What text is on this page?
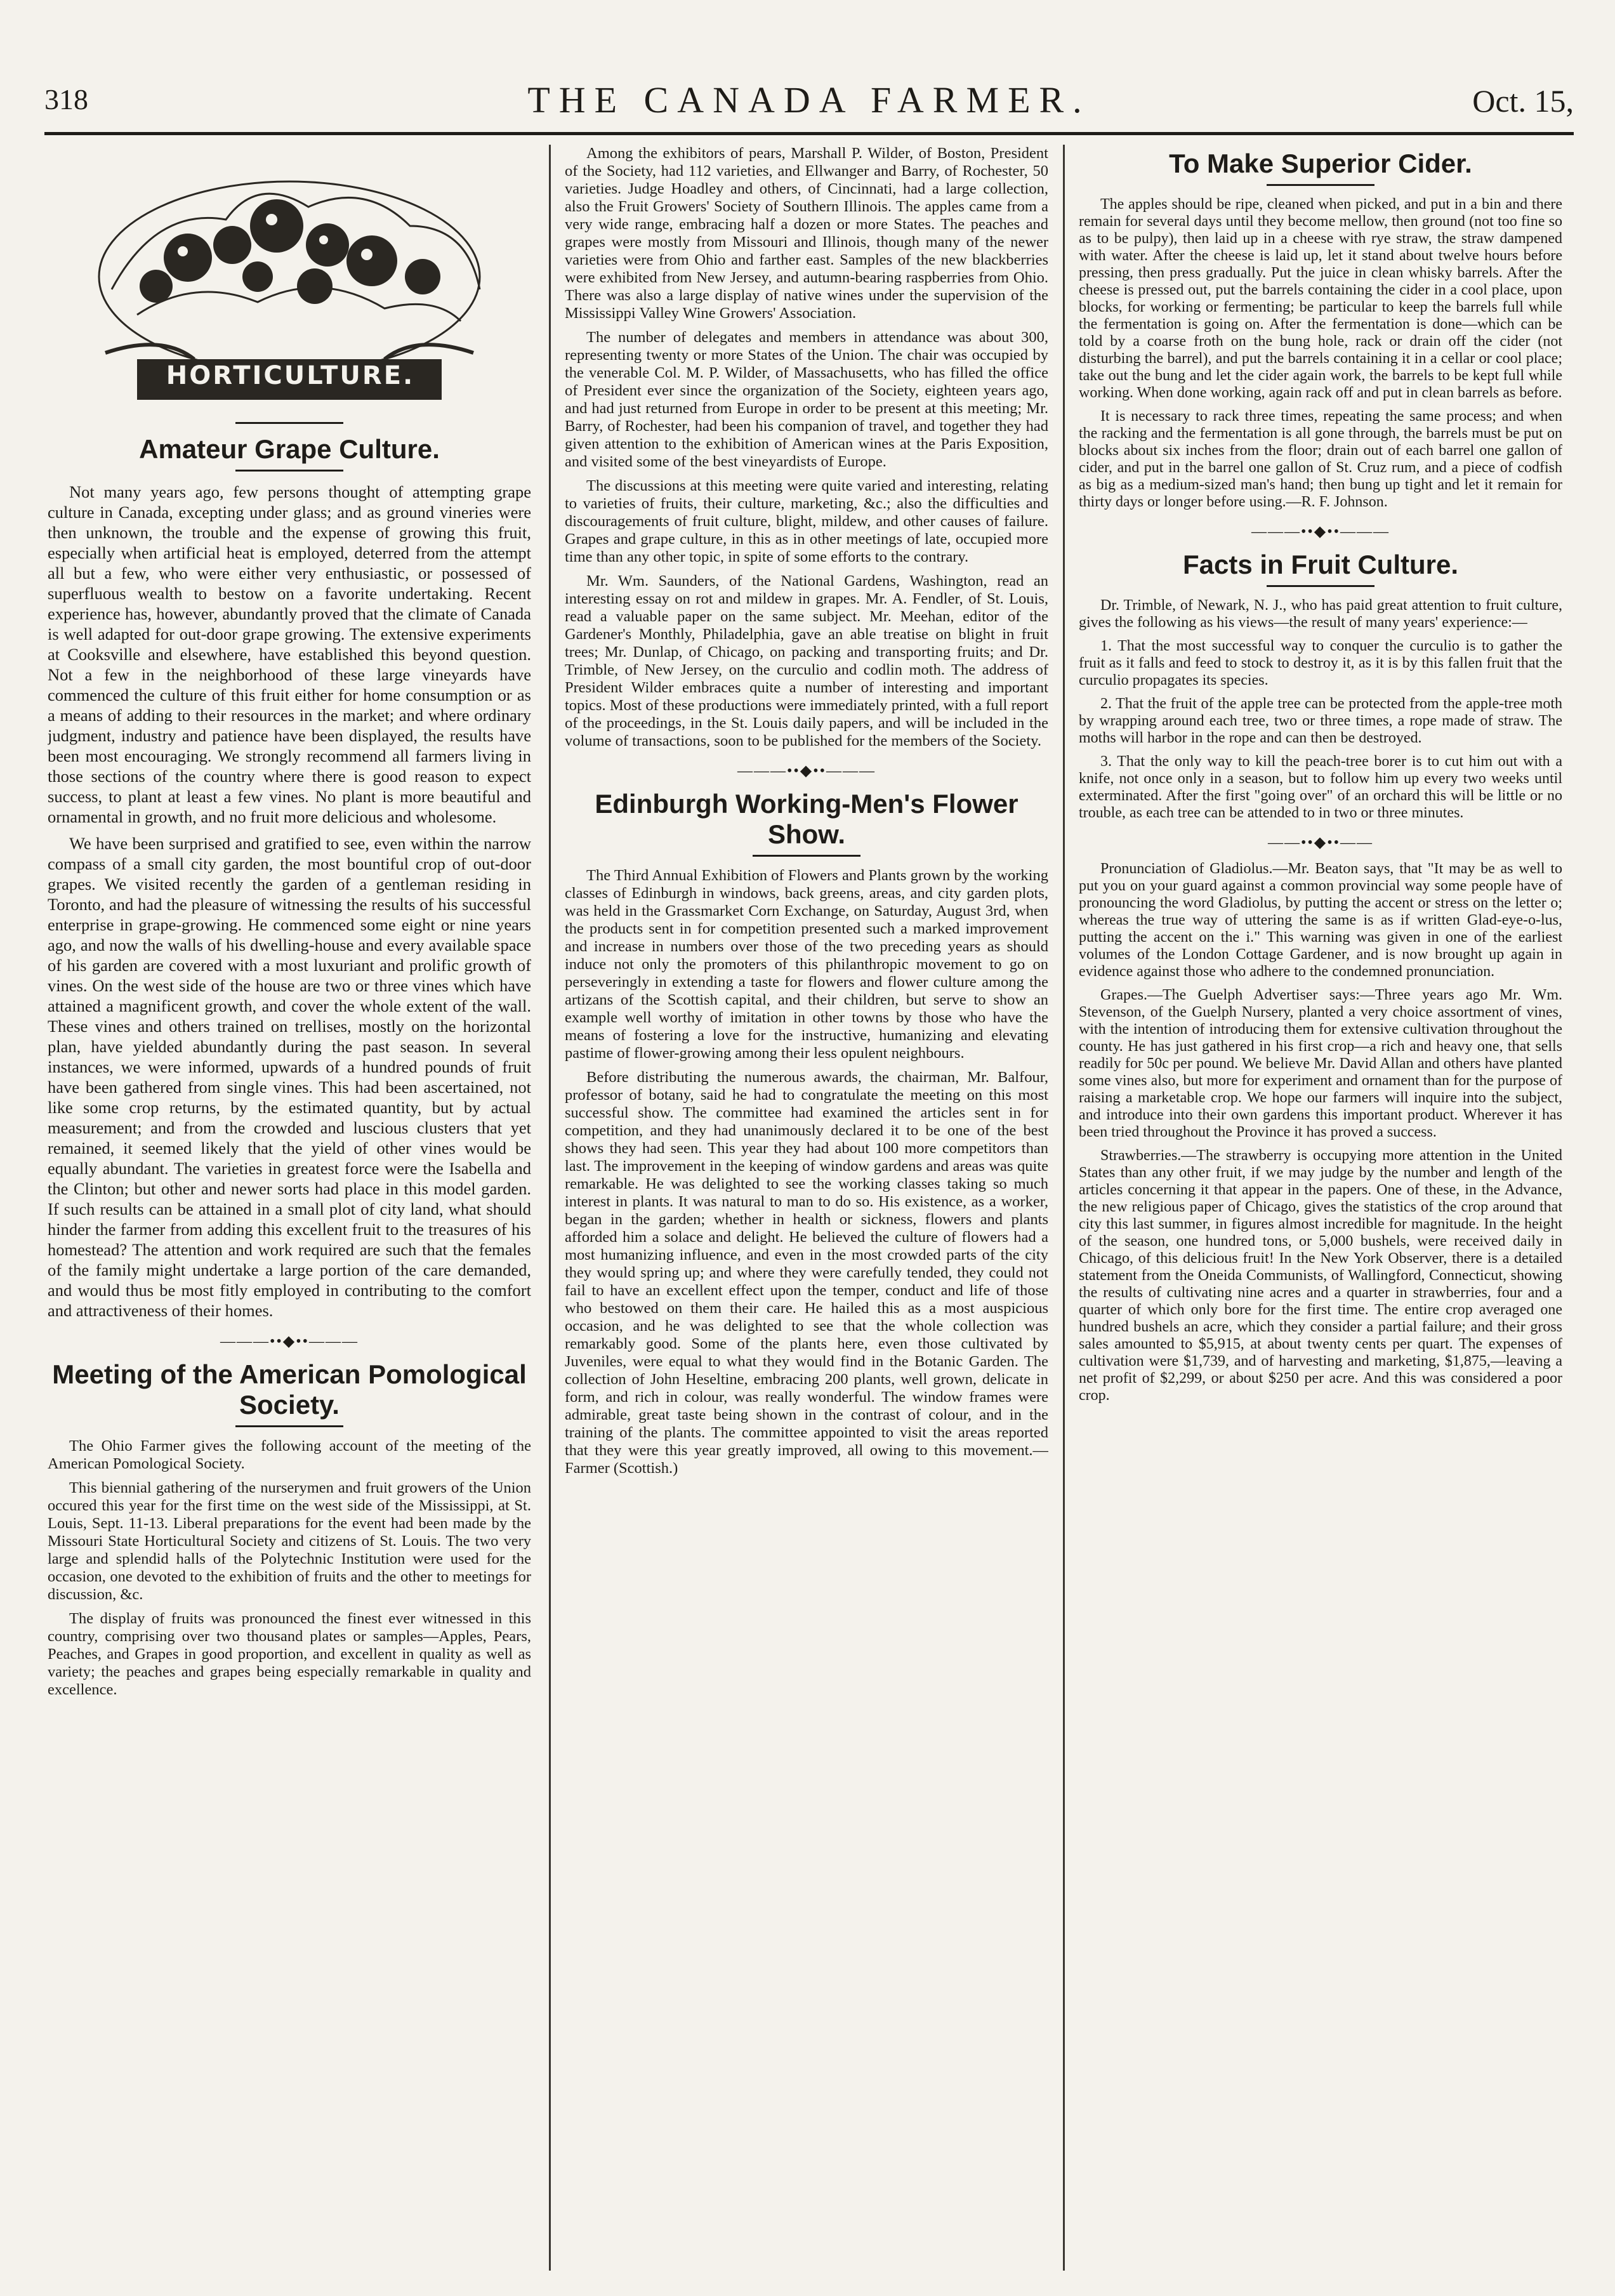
318	THE CANADA FARMER.	Oct. 15,
HORTICULTURE.
Amateur Grape Culture.

Not many years ago, few persons thought of attempting grape culture in Canada, excepting under glass; and as ground vineries were then unknown, the trouble and the expense of growing this fruit, especially when artificial heat is employed, deterred from the attempt all but a few, who were either very enthusiastic, or possessed of superfluous wealth to bestow on a favorite undertaking. Recent experience has, however, abundantly proved that the climate of Canada is well adapted for out-door grape growing. The extensive experiments at Cooksville and elsewhere, have established this beyond question. Not a few in the neighborhood of these large vineyards have commenced the culture of this fruit either for home consumption or as a means of adding to their resources in the market; and where ordinary judgment, industry and patience have been displayed, the results have been most encouraging. We strongly recommend all farmers living in those sections of the country where there is good reason to expect success, to plant at least a few vines. No plant is more beautiful and ornamental in growth, and no fruit more delicious and wholesome.

We have been surprised and gratified to see, even within the narrow compass of a small city garden, the most bountiful crop of out-door grapes. We visited recently the garden of a gentleman residing in Toronto, and had the pleasure of witnessing the results of his successful enterprise in grape-growing. He commenced some eight or nine years ago, and now the walls of his dwelling-house and every available space of his garden are covered with a most luxuriant and prolific growth of vines. On the west side of the house are two or three vines which have attained a magnificent growth, and cover the whole extent of the wall. These vines and others trained on trellises, mostly on the horizontal plan, have yielded abundantly during the past season. In several instances, we were informed, upwards of a hundred pounds of fruit have been gathered from single vines. This had been ascertained, not like some crop returns, by the estimated quantity, but by actual measurement; and from the crowded and luscious clusters that yet remained, it seemed likely that the yield of other vines would be equally abundant. The varieties in greatest force were the Isabella and the Clinton; but other and newer sorts had place in this model garden. If such results can be attained in a small plot of city land, what should hinder the farmer from adding this excellent fruit to the treasures of his homestead? The attention and work required are such that the females of the family might undertake a large portion of the care demanded, and would thus be most fitly employed in contributing to the comfort and attractiveness of their homes.

———••◆••———
Meeting of the American Pomological Society.

The Ohio Farmer gives the following account of the meeting of the American Pomological Society.

This biennial gathering of the nurserymen and fruit growers of the Union occured this year for the first time on the west side of the Mississippi, at St. Louis, Sept. 11-13. Liberal preparations for the event had been made by the Missouri State Horticultural Society and citizens of St. Louis. The two very large and splendid halls of the Polytechnic Institution were used for the occasion, one devoted to the exhibition of fruits and the other to meetings for discussion, &c.

The display of fruits was pronounced the finest ever witnessed in this country, comprising over two thousand plates or samples—Apples, Pears, Peaches, and Grapes in good proportion, and excellent in quality as well as variety; the peaches and grapes being especially remarkable in quality and excellence.

Among the exhibitors of pears, Marshall P. Wilder, of Boston, President of the Society, had 112 varieties, and Ellwanger and Barry, of Rochester, 50 varieties. Judge Hoadley and others, of Cincinnati, had a large collection, also the Fruit Growers' Society of Southern Illinois. The apples came from a very wide range, embracing half a dozen or more States. The peaches and grapes were mostly from Missouri and Illinois, though many of the newer varieties were from Ohio and farther east. Samples of the new blackberries were exhibited from New Jersey, and autumn-bearing raspberries from Ohio. There was also a large display of native wines under the supervision of the Mississippi Valley Wine Growers' Association.

The number of delegates and members in attendance was about 300, representing twenty or more States of the Union. The chair was occupied by the venerable Col. M. P. Wilder, of Massachusetts, who has filled the office of President ever since the organization of the Society, eighteen years ago, and had just returned from Europe in order to be present at this meeting; Mr. Barry, of Rochester, had been his companion of travel, and together they had given attention to the exhibition of American wines at the Paris Exposition, and visited some of the best vineyardists of Europe.

The discussions at this meeting were quite varied and interesting, relating to varieties of fruits, their culture, marketing, &c.; also the difficulties and discouragements of fruit culture, blight, mildew, and other causes of failure. Grapes and grape culture, in this as in other meetings of late, occupied more time than any other topic, in spite of some efforts to the contrary.

Mr. Wm. Saunders, of the National Gardens, Washington, read an interesting essay on rot and mildew in grapes. Mr. A. Fendler, of St. Louis, read a valuable paper on the same subject. Mr. Meehan, editor of the Gardener's Monthly, Philadelphia, gave an able treatise on blight in fruit trees; Mr. Dunlap, of Chicago, on packing and transporting fruits; and Dr. Trimble, of New Jersey, on the curculio and codlin moth. The address of President Wilder embraces quite a number of interesting and important topics. Most of these productions were immediately printed, with a full report of the proceedings, in the St. Louis daily papers, and will be included in the volume of transactions, soon to be published for the members of the Society.

———••◆••———
Edinburgh Working-Men's Flower Show.

The Third Annual Exhibition of Flowers and Plants grown by the working classes of Edinburgh in windows, back greens, areas, and city garden plots, was held in the Grassmarket Corn Exchange, on Saturday, August 3rd, when the products sent in for competition presented such a marked improvement and increase in numbers over those of the two preceding years as should induce not only the promoters of this philanthropic movement to go on perseveringly in extending a taste for flowers and flower culture among the artizans of the Scottish capital, and their children, but serve to show an example well worthy of imitation in other towns by those who have the means of fostering a love for the instructive, humanizing and elevating pastime of flower-growing among their less opulent neighbours.

Before distributing the numerous awards, the chairman, Mr. Balfour, professor of botany, said he had to congratulate the meeting on this most successful show. The committee had examined the articles sent in for competition, and they had unanimously declared it to be one of the best shows they had seen. This year they had about 100 more competitors than last. The improvement in the keeping of window gardens and areas was quite remarkable. He was delighted to see the working classes taking so much interest in plants. It was natural to man to do so. His existence, as a worker, began in the garden; whether in health or sickness, flowers and plants afforded him a solace and delight. He believed the culture of flowers had a most humanizing influence, and even in the most crowded parts of the city they would spring up; and where they were carefully tended, they could not fail to have an excellent effect upon the temper, conduct and life of those who bestowed on them their care. He hailed this as a most auspicious occasion, and he was delighted to see that the whole collection was remarkably good. Some of the plants here, even those cultivated by Juveniles, were equal to what they would find in the Botanic Garden. The collection of John Heseltine, embracing 200 plants, well grown, delicate in form, and rich in colour, was really wonderful. The window frames were admirable, great taste being shown in the contrast of colour, and in the training of the plants. The committee appointed to visit the areas reported that they were this year greatly improved, all owing to this movement.—Farmer (Scottish.)

To Make Superior Cider.

The apples should be ripe, cleaned when picked, and put in a bin and there remain for several days until they become mellow, then ground (not too fine so as to be pulpy), then laid up in a cheese with rye straw, the straw dampened with water. After the cheese is laid up, let it stand about twelve hours before pressing, then press gradually. Put the juice in clean whisky barrels. After the cheese is pressed out, put the barrels containing the cider in a cool place, upon blocks, for working or fermenting; be particular to keep the barrels full while the fermentation is going on. After the fermentation is done—which can be told by a coarse froth on the bung hole, rack or drain off the cider (not disturbing the barrel), and put the barrels containing it in a cellar or cool place; take out the bung and let the cider again work, the barrels to be kept full while working. When done working, again rack off and put in clean barrels as before.

It is necessary to rack three times, repeating the same process; and when the racking and the fermentation is all gone through, the barrels must be put on blocks about six inches from the floor; drain out of each barrel one gallon of cider, and put in the barrel one gallon of St. Cruz rum, and a piece of codfish as big as a medium-sized man's hand; then bung up tight and let it remain for thirty days or longer before using.—R. F. Johnson.

———••◆••———
Facts in Fruit Culture.

Dr. Trimble, of Newark, N. J., who has paid great attention to fruit culture, gives the following as his views—the result of many years' experience:—

1. That the most successful way to conquer the curculio is to gather the fruit as it falls and feed to stock to destroy it, as it is by this fallen fruit that the curculio propagates its species.

2. That the fruit of the apple tree can be protected from the apple-tree moth by wrapping around each tree, two or three times, a rope made of straw. The moths will harbor in the rope and can then be destroyed.

3. That the only way to kill the peach-tree borer is to cut him out with a knife, not once only in a season, but to follow him up every two weeks until exterminated. After the first "going over" of an orchard this will be little or no trouble, as each tree can be attended to in two or three minutes.

——••◆••——

Pronunciation of Gladiolus.—Mr. Beaton says, that "It may be as well to put you on your guard against a common provincial way some people have of pronouncing the word Gladiolus, by putting the accent or stress on the letter o; whereas the true way of uttering the same is as if written Glad-eye-o-lus, putting the accent on the i." This warning was given in one of the earliest volumes of the London Cottage Gardener, and is now brought up again in evidence against those who adhere to the condemned pronunciation.

Grapes.—The Guelph Advertiser says:—Three years ago Mr. Wm. Stevenson, of the Guelph Nursery, planted a very choice assortment of vines, with the intention of introducing them for extensive cultivation throughout the county. He has just gathered in his first crop—a rich and heavy one, that sells readily for 50c per pound. We believe Mr. David Allan and others have planted some vines also, but more for experiment and ornament than for the purpose of raising a marketable crop. We hope our farmers will inquire into the subject, and introduce into their own gardens this important product. Wherever it has been tried throughout the Province it has proved a success.

Strawberries.—The strawberry is occupying more attention in the United States than any other fruit, if we may judge by the number and length of the articles concerning it that appear in the papers. One of these, in the Advance, the new religious paper of Chicago, gives the statistics of the crop around that city this last summer, in figures almost incredible for magnitude. In the height of the season, one hundred tons, or 5,000 bushels, were received daily in Chicago, of this delicious fruit! In the New York Observer, there is a detailed statement from the Oneida Communists, of Wallingford, Connecticut, showing the results of cultivating nine acres and a quarter in strawberries, four and a quarter of which only bore for the first time. The entire crop averaged one hundred bushels an acre, which they consider a partial failure; and their gross sales amounted to $5,915, at about twenty cents per quart. The expenses of cultivation were $1,739, and of harvesting and marketing, $1,875,—leaving a net profit of $2,299, or about $250 per acre. And this was considered a poor crop.
